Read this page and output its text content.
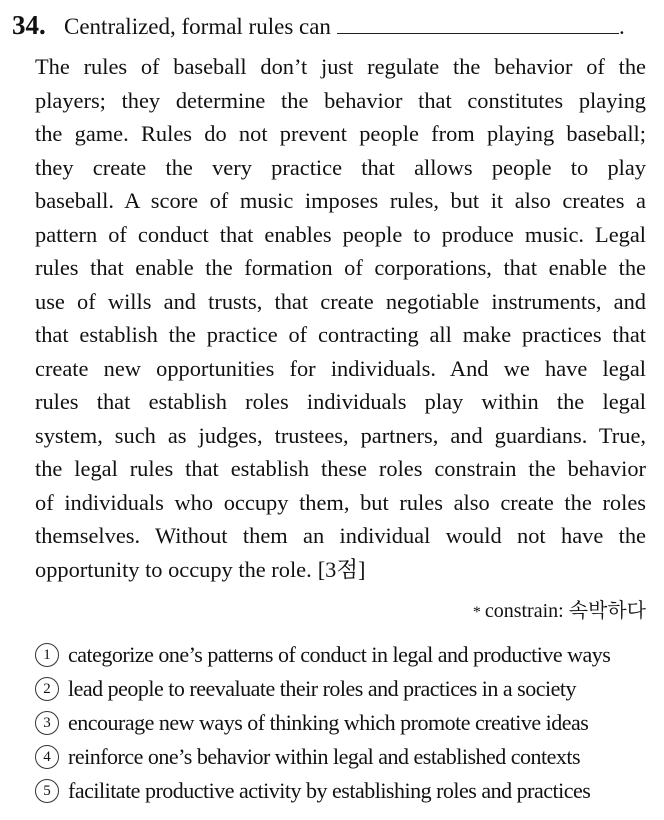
34. Centralized, formal rules can	.
The rules of baseball don’t just regulate the behavior of the
players; they determine the behavior that constitutes playing
the game. Rules do not prevent people from playing baseball;
they create the very practice that allows people to play
baseball. A score of music imposes rules, but it also creates a
pattern of conduct that enables people to produce music. Legal
rules that enable the formation of corporations, that enable the
use of wills and trusts, that create negotiable instruments, and
that establish the practice of contracting all make practices that
create new opportunities for individuals. And we have legal
rules that establish roles individuals play within the legal
system, such as judges, trustees, partners, and guardians. True,
the legal rules that establish these roles constrain the behavior
of individuals who occupy them, but rules also create the roles
themselves. Without them an individual would not have the
opportunity to occupy the role. [3점]
* constrain: 속박하다
1 categorize one’s patterns of conduct in legal and productive ways
2 lead people to reevaluate their roles and practices in a society
3 encourage new ways of thinking which promote creative ideas
4 reinforce one’s behavior within legal and established contexts
5 facilitate productive activity by establishing roles and practices
